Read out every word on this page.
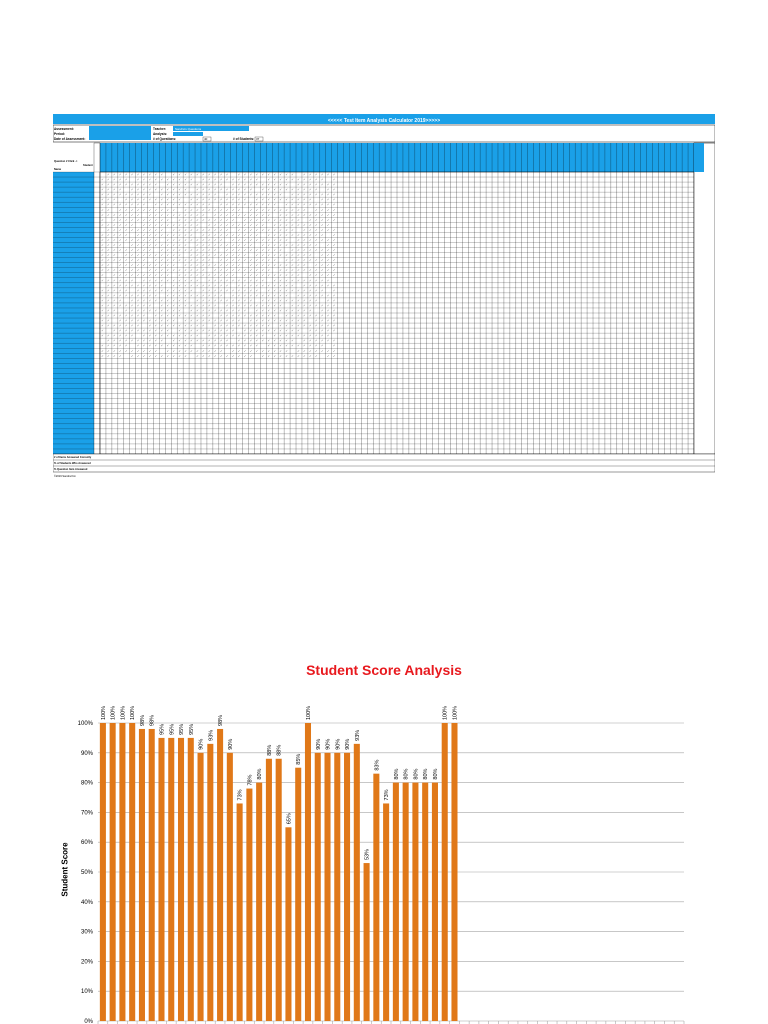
<<<<< Test Item Analysis Calculator 2019>>>>>
Assessment:
Period:
Date of Assessment:
Teacher:
Analysis:
# of Questions:
Sandra's Questions
40	# of Students: 37
Question # Click ->
Student
Name
✓ ✓ ✓ ✓ ✓ ✓ ✓ ✓ ✓ ✓	✓ ✓ ✓ ✓ ✓ ✓ ✓ ✓ ✓ ✓	✓ ✓ ✓ ✓ ✓ ✓ ✓ ✓ ✓ ✓	✓ ✓ ✓ ✓ ✓ ✓
✓ ✓ ✓ ✓ ✓	✓ ✓ ✓ ✓ ✓ ✓ ✓ ✓ ✓ ✓	✓ ✓ ✓ ✓ ✓ ✓ ✓ ✓ ✓ ✓	✓ ✓ ✓ ✓ ✓ ✓ ✓ ✓ ✓ ✓	✓
✓ ✓ ✓ ✓ ✓ ✓ ✓ ✓ ✓ ✓	✓ ✓ ✓ ✓ ✓ ✓ ✓ ✓ ✓ ✓	✓ ✓ ✓ ✓ ✓ ✓ ✓ ✓ ✓ ✓	✓ ✓ ✓ ✓ ✓ ✓ ✓
✓ ✓ ✓ ✓	✓ ✓ ✓ ✓ ✓ ✓ ✓ ✓ ✓ ✓	✓ ✓ ✓ ✓ ✓ ✓ ✓ ✓ ✓ ✓	✓ ✓ ✓ ✓ ✓ ✓ ✓ ✓ ✓ ✓	✓ ✓
✓ ✓ ✓ ✓ ✓ ✓ ✓ ✓ ✓	✓ ✓ ✓ ✓ ✓ ✓ ✓ ✓ ✓ ✓	✓ ✓ ✓ ✓ ✓ ✓ ✓ ✓ ✓ ✓	✓ ✓ ✓ ✓ ✓ ✓ ✓ ✓
✓ ✓ ✓	✓ ✓ ✓ ✓ ✓ ✓ ✓ ✓ ✓ ✓	✓ ✓ ✓ ✓ ✓ ✓ ✓ ✓ ✓ ✓	✓ ✓ ✓ ✓ ✓ ✓ ✓ ✓ ✓ ✓	✓ ✓ ✓
✓ ✓ ✓ ✓ ✓ ✓ ✓ ✓	✓ ✓ ✓ ✓ ✓ ✓ ✓ ✓ ✓ ✓	✓ ✓ ✓ ✓ ✓ ✓ ✓ ✓ ✓ ✓	✓ ✓ ✓ ✓ ✓ ✓ ✓ ✓ ✓
✓ ✓	✓ ✓ ✓ ✓ ✓ ✓ ✓ ✓ ✓ ✓	✓ ✓ ✓ ✓ ✓ ✓ ✓ ✓ ✓ ✓	✓ ✓ ✓ ✓ ✓ ✓ ✓ ✓ ✓ ✓	✓ ✓ ✓ ✓
✓ ✓ ✓ ✓ ✓ ✓ ✓	✓ ✓ ✓ ✓ ✓ ✓ ✓ ✓ ✓ ✓	✓ ✓ ✓ ✓ ✓ ✓ ✓ ✓ ✓ ✓	✓ ✓ ✓ ✓ ✓ ✓ ✓ ✓ ✓ ✓
✓	✓ ✓ ✓ ✓ ✓ ✓ ✓ ✓ ✓ ✓	✓ ✓ ✓ ✓ ✓ ✓ ✓ ✓ ✓ ✓	✓ ✓ ✓ ✓ ✓ ✓ ✓ ✓ ✓ ✓	✓ ✓ ✓ ✓ ✓
✓ ✓ ✓ ✓ ✓ ✓	✓ ✓ ✓ ✓ ✓ ✓ ✓ ✓ ✓ ✓	✓ ✓ ✓ ✓ ✓ ✓ ✓ ✓ ✓ ✓	✓ ✓ ✓ ✓ ✓ ✓ ✓ ✓ ✓ ✓
✓ ✓ ✓ ✓ ✓ ✓ ✓ ✓ ✓ ✓	✓ ✓ ✓ ✓ ✓ ✓ ✓ ✓ ✓ ✓	✓ ✓ ✓ ✓ ✓ ✓ ✓ ✓ ✓ ✓	✓ ✓ ✓ ✓ ✓ ✓
✓ ✓ ✓ ✓ ✓	✓ ✓ ✓ ✓ ✓ ✓ ✓ ✓ ✓ ✓	✓ ✓ ✓ ✓ ✓ ✓ ✓ ✓ ✓ ✓	✓ ✓ ✓ ✓ ✓ ✓ ✓ ✓ ✓ ✓	✓
✓ ✓ ✓ ✓ ✓ ✓ ✓ ✓ ✓ ✓	✓ ✓ ✓ ✓ ✓ ✓ ✓ ✓ ✓ ✓	✓ ✓ ✓ ✓ ✓ ✓ ✓ ✓ ✓ ✓	✓ ✓ ✓ ✓ ✓ ✓ ✓
✓ ✓ ✓ ✓	✓ ✓ ✓ ✓ ✓ ✓ ✓ ✓ ✓ ✓	✓ ✓ ✓ ✓ ✓ ✓ ✓ ✓ ✓ ✓	✓ ✓ ✓ ✓ ✓ ✓ ✓ ✓ ✓ ✓	✓ ✓
✓ ✓ ✓ ✓ ✓ ✓ ✓ ✓ ✓	✓ ✓ ✓ ✓ ✓ ✓ ✓ ✓ ✓ ✓	✓ ✓ ✓ ✓ ✓ ✓ ✓ ✓ ✓ ✓	✓ ✓ ✓ ✓ ✓ ✓ ✓ ✓
✓ ✓ ✓	✓ ✓ ✓ ✓ ✓ ✓ ✓ ✓ ✓ ✓	✓ ✓ ✓ ✓ ✓ ✓ ✓ ✓ ✓ ✓	✓ ✓ ✓ ✓ ✓ ✓ ✓ ✓ ✓ ✓	✓ ✓ ✓
✓ ✓ ✓ ✓ ✓ ✓ ✓ ✓	✓ ✓ ✓ ✓ ✓ ✓ ✓ ✓ ✓ ✓	✓ ✓ ✓ ✓ ✓ ✓ ✓ ✓ ✓ ✓	✓ ✓ ✓ ✓ ✓ ✓ ✓ ✓ ✓
✓ ✓	✓ ✓ ✓ ✓ ✓ ✓ ✓ ✓ ✓ ✓	✓ ✓ ✓ ✓ ✓ ✓ ✓ ✓ ✓ ✓	✓ ✓ ✓ ✓ ✓ ✓ ✓ ✓ ✓ ✓	✓ ✓ ✓ ✓
✓ ✓ ✓ ✓ ✓ ✓ ✓	✓ ✓ ✓ ✓ ✓ ✓ ✓ ✓ ✓ ✓	✓ ✓ ✓ ✓ ✓ ✓ ✓ ✓ ✓ ✓	✓ ✓ ✓ ✓ ✓ ✓ ✓ ✓ ✓ ✓
✓	✓ ✓ ✓ ✓ ✓ ✓ ✓ ✓ ✓ ✓	✓ ✓ ✓ ✓ ✓ ✓ ✓ ✓ ✓ ✓	✓ ✓ ✓ ✓ ✓ ✓ ✓ ✓ ✓ ✓	✓ ✓ ✓ ✓ ✓
✓ ✓ ✓ ✓ ✓ ✓	✓ ✓ ✓ ✓ ✓ ✓ ✓ ✓ ✓ ✓	✓ ✓ ✓ ✓ ✓ ✓ ✓ ✓ ✓ ✓	✓ ✓ ✓ ✓ ✓ ✓ ✓ ✓ ✓ ✓
✓ ✓ ✓ ✓ ✓ ✓ ✓ ✓ ✓ ✓	✓ ✓ ✓ ✓ ✓ ✓ ✓ ✓ ✓ ✓	✓ ✓ ✓ ✓ ✓ ✓ ✓ ✓ ✓ ✓	✓ ✓ ✓ ✓ ✓ ✓
✓ ✓ ✓ ✓ ✓	✓ ✓ ✓ ✓ ✓ ✓ ✓ ✓ ✓ ✓	✓ ✓ ✓ ✓ ✓ ✓ ✓ ✓ ✓ ✓	✓ ✓ ✓ ✓ ✓ ✓ ✓ ✓ ✓ ✓	✓
✓ ✓ ✓ ✓ ✓ ✓ ✓ ✓ ✓ ✓	✓ ✓ ✓ ✓ ✓ ✓ ✓ ✓ ✓ ✓	✓ ✓ ✓ ✓ ✓ ✓ ✓ ✓ ✓ ✓	✓ ✓ ✓ ✓ ✓ ✓ ✓
✓ ✓ ✓ ✓	✓ ✓ ✓ ✓ ✓ ✓ ✓ ✓ ✓ ✓	✓ ✓ ✓ ✓ ✓ ✓ ✓ ✓ ✓ ✓	✓ ✓ ✓ ✓ ✓ ✓ ✓ ✓ ✓ ✓	✓ ✓
✓ ✓ ✓ ✓ ✓ ✓ ✓ ✓ ✓	✓ ✓ ✓ ✓ ✓ ✓ ✓ ✓ ✓ ✓	✓ ✓ ✓ ✓ ✓ ✓ ✓ ✓ ✓ ✓	✓ ✓ ✓ ✓ ✓ ✓ ✓ ✓
✓ ✓ ✓	✓ ✓ ✓ ✓ ✓ ✓ ✓ ✓ ✓ ✓	✓ ✓ ✓ ✓ ✓ ✓ ✓ ✓ ✓ ✓	✓ ✓ ✓ ✓ ✓ ✓ ✓ ✓ ✓ ✓	✓ ✓ ✓
✓ ✓ ✓ ✓ ✓ ✓ ✓ ✓	✓ ✓ ✓ ✓ ✓ ✓ ✓ ✓ ✓ ✓	✓ ✓ ✓ ✓ ✓ ✓ ✓ ✓ ✓ ✓	✓ ✓ ✓ ✓ ✓ ✓ ✓ ✓ ✓
✓ ✓	✓ ✓ ✓ ✓ ✓ ✓ ✓ ✓ ✓ ✓	✓ ✓ ✓ ✓ ✓ ✓ ✓ ✓ ✓ ✓	✓ ✓ ✓ ✓ ✓ ✓ ✓ ✓ ✓ ✓	✓ ✓ ✓ ✓
✓ ✓ ✓ ✓ ✓ ✓ ✓	✓ ✓ ✓ ✓ ✓ ✓ ✓ ✓ ✓ ✓	✓ ✓ ✓ ✓ ✓ ✓ ✓ ✓ ✓ ✓	✓ ✓ ✓ ✓ ✓ ✓ ✓ ✓ ✓ ✓
✓	✓ ✓ ✓ ✓ ✓ ✓ ✓ ✓ ✓ ✓	✓ ✓ ✓ ✓ ✓ ✓ ✓ ✓ ✓ ✓	✓ ✓ ✓ ✓ ✓ ✓ ✓ ✓ ✓ ✓	✓ ✓ ✓ ✓ ✓
✓ ✓ ✓ ✓ ✓ ✓	✓ ✓ ✓ ✓ ✓ ✓ ✓ ✓ ✓ ✓	✓ ✓ ✓ ✓ ✓ ✓ ✓ ✓ ✓ ✓	✓ ✓ ✓ ✓ ✓ ✓ ✓ ✓ ✓ ✓
✓ ✓ ✓ ✓ ✓ ✓ ✓ ✓ ✓ ✓	✓ ✓ ✓ ✓ ✓ ✓ ✓ ✓ ✓ ✓	✓ ✓ ✓ ✓ ✓ ✓ ✓ ✓ ✓ ✓	✓ ✓ ✓ ✓ ✓ ✓
✓ ✓ ✓ ✓ ✓	✓ ✓ ✓ ✓ ✓ ✓ ✓ ✓ ✓ ✓	✓ ✓ ✓ ✓ ✓ ✓ ✓ ✓ ✓ ✓	✓ ✓ ✓ ✓ ✓ ✓ ✓ ✓ ✓ ✓	✓
✓ ✓ ✓ ✓ ✓ ✓ ✓ ✓ ✓ ✓	✓ ✓ ✓ ✓ ✓ ✓ ✓ ✓ ✓ ✓	✓ ✓ ✓ ✓ ✓ ✓ ✓ ✓ ✓ ✓	✓ ✓ ✓ ✓ ✓ ✓ ✓
✓ ✓ ✓ ✓	✓ ✓ ✓ ✓ ✓ ✓ ✓ ✓ ✓ ✓	✓ ✓ ✓ ✓ ✓ ✓ ✓ ✓ ✓ ✓	✓ ✓ ✓ ✓ ✓ ✓ ✓ ✓ ✓ ✓	✓ ✓
# of Items Answered Correctly
% of Students Who Answered
% Question Item Answered
©2019 Sandra Kim
Student Score Analysis
Student Score
0%
10%
20%
30%
40%
50%
60%
70%
80%
90%
100%
100% 100% 100% 100%
98% 98%
95% 95% 95% 95%
90%
93%
98%
90%
73%
78%
80%
88% 88%
65%
85%
100%
90% 90% 90% 90%
93%
53%
83%
73%
80% 80% 80% 80% 80%
100% 100%
